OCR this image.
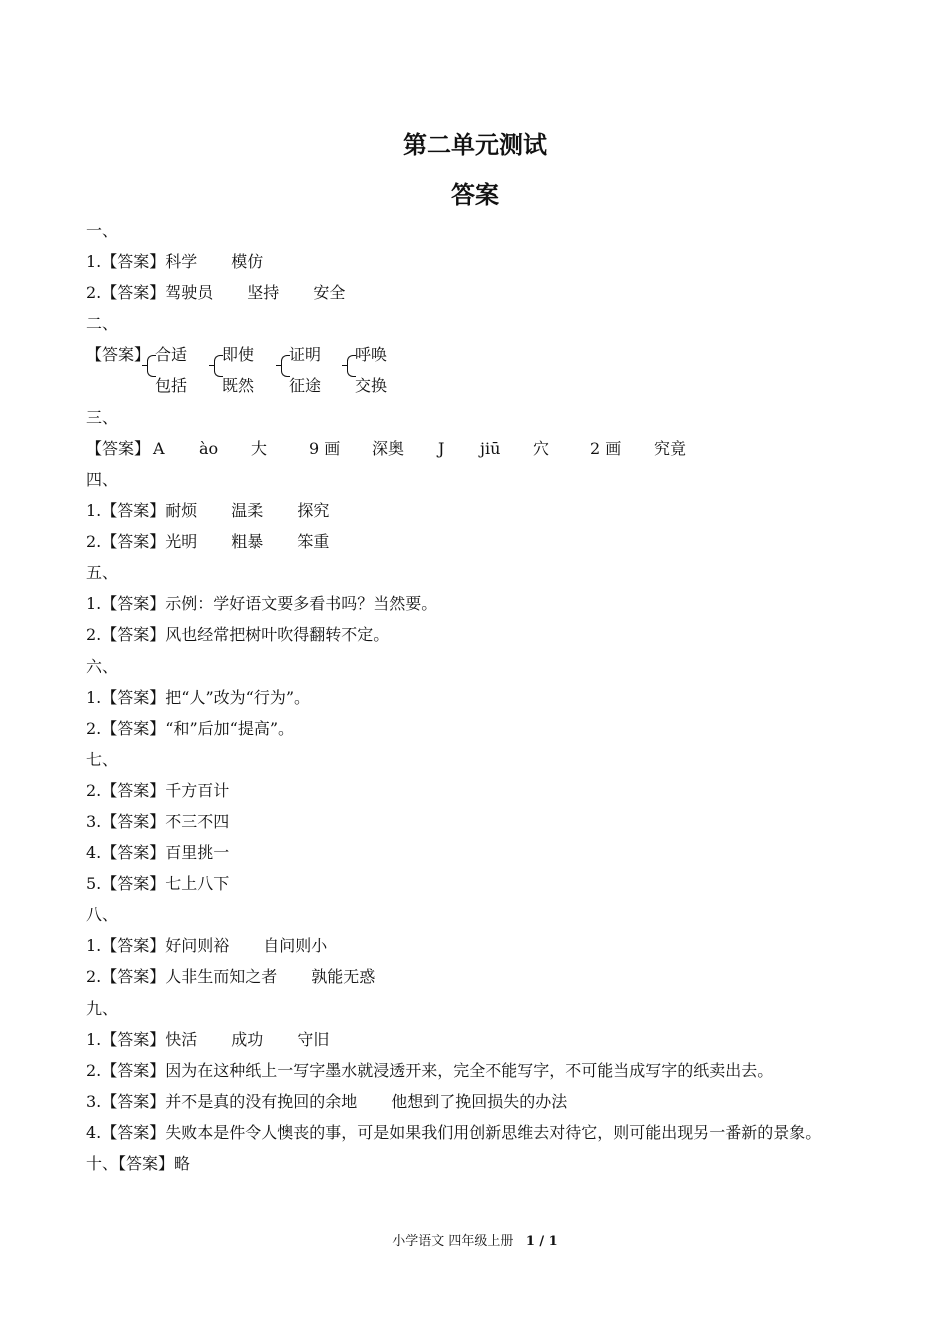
第二单元测试
答案
一、
1.【答案】科学 模仿
2.【答案】驾驶员 坚持 安全
二、
【答案】 合适
包括
即使
既然
证明
征途
呼唤
交换
三、
【答案】 A ào 大	9 画 深奥 J jiū 穴	2 画 究竟
四、
1.【答案】耐烦 温柔 探究
2.【答案】光明 粗暴 笨重
五、
1.【答案】示例：学好语文要多看书吗？当然要。
2.【答案】风也经常把树叶吹得翻转不定。
六、
1.【答案】把“人”改为“行为”。
2.【答案】“和”后加“提高”。
七、
2.【答案】千方百计
3.【答案】不三不四
4.【答案】百里挑一
5.【答案】七上八下
八、
1.【答案】好问则裕 自问则小
2.【答案】人非生而知之者 孰能无惑
九、
1.【答案】快活 成功 守旧
2.【答案】因为在这种纸上一写字墨水就浸透开来，完全不能写字，不可能当成写字的纸卖出去。
3.【答案】并不是真的没有挽回的余地 他想到了挽回损失的办法
4.【答案】失败本是件令人懊丧的事，可是如果我们用创新思维去对待它，则可能出现另一番新的景象。
十、【答案】略
小学语文 四年级上册 1 / 1
